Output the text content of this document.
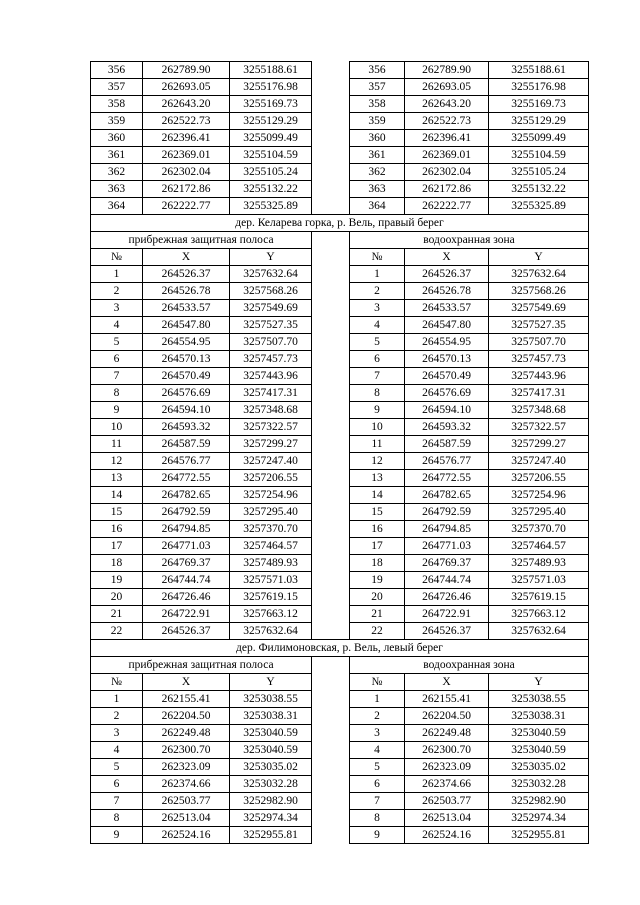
356	262789.90	3255188.61		356	262789.90	3255188.61
357	262693.05	3255176.98		357	262693.05	3255176.98
358	262643.20	3255169.73		358	262643.20	3255169.73
359	262522.73	3255129.29		359	262522.73	3255129.29
360	262396.41	3255099.49		360	262396.41	3255099.49
361	262369.01	3255104.59		361	262369.01	3255104.59
362	262302.04	3255105.24		362	262302.04	3255105.24
363	262172.86	3255132.22		363	262172.86	3255132.22
364	262222.77	3255325.89		364	262222.77	3255325.89
дер. Келарева горка, р. Вель, правый берег						
прибрежная защитная полоса				водоохранная зона		
№	X	Y		№	X	Y
1	264526.37	3257632.64		1	264526.37	3257632.64
2	264526.78	3257568.26		2	264526.78	3257568.26
3	264533.57	3257549.69		3	264533.57	3257549.69
4	264547.80	3257527.35		4	264547.80	3257527.35
5	264554.95	3257507.70		5	264554.95	3257507.70
6	264570.13	3257457.73		6	264570.13	3257457.73
7	264570.49	3257443.96		7	264570.49	3257443.96
8	264576.69	3257417.31		8	264576.69	3257417.31
9	264594.10	3257348.68		9	264594.10	3257348.68
10	264593.32	3257322.57		10	264593.32	3257322.57
11	264587.59	3257299.27		11	264587.59	3257299.27
12	264576.77	3257247.40		12	264576.77	3257247.40
13	264772.55	3257206.55		13	264772.55	3257206.55
14	264782.65	3257254.96		14	264782.65	3257254.96
15	264792.59	3257295.40		15	264792.59	3257295.40
16	264794.85	3257370.70		16	264794.85	3257370.70
17	264771.03	3257464.57		17	264771.03	3257464.57
18	264769.37	3257489.93		18	264769.37	3257489.93
19	264744.74	3257571.03		19	264744.74	3257571.03
20	264726.46	3257619.15		20	264726.46	3257619.15
21	264722.91	3257663.12		21	264722.91	3257663.12
22	264526.37	3257632.64		22	264526.37	3257632.64
дер. Филимоновская, р. Вель, левый берег						
прибрежная защитная полоса				водоохранная зона		
№	X	Y		№	X	Y
1	262155.41	3253038.55		1	262155.41	3253038.55
2	262204.50	3253038.31		2	262204.50	3253038.31
3	262249.48	3253040.59		3	262249.48	3253040.59
4	262300.70	3253040.59		4	262300.70	3253040.59
5	262323.09	3253035.02		5	262323.09	3253035.02
6	262374.66	3253032.28		6	262374.66	3253032.28
7	262503.77	3252982.90		7	262503.77	3252982.90
8	262513.04	3252974.34		8	262513.04	3252974.34
9	262524.16	3252955.81		9	262524.16	3252955.81
